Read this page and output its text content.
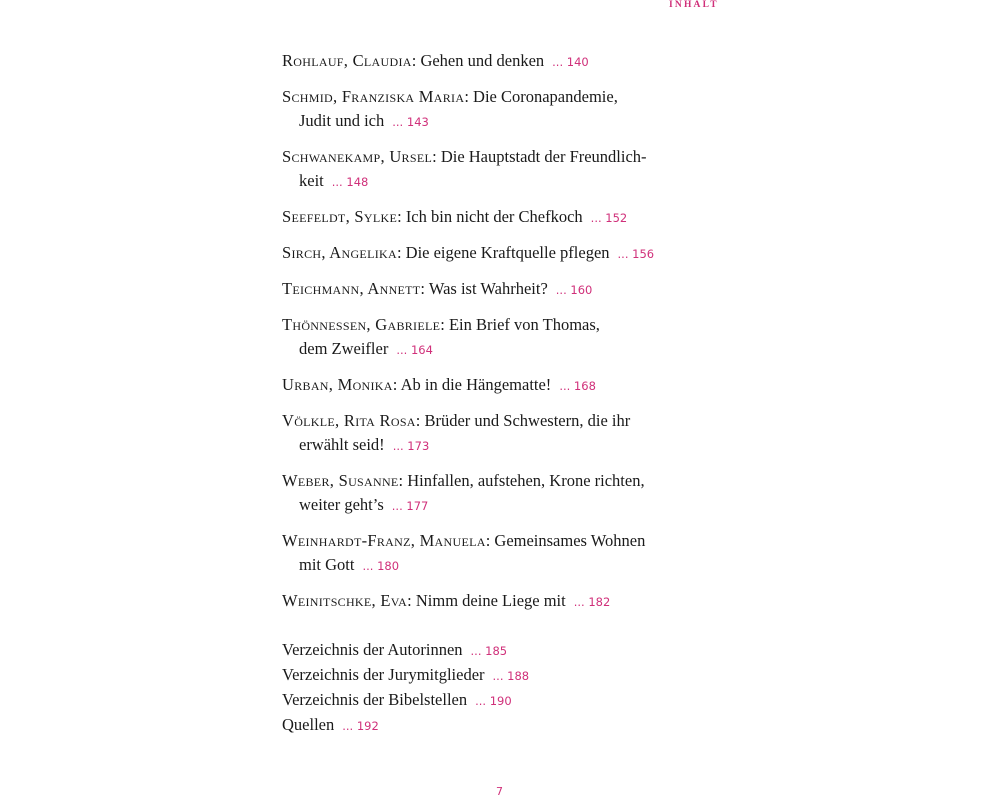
INHALT

Rohlauf, Claudia: Gehen und denken ... 140

Schmid, Franziska Maria: Die Coronapandemie,
Judit und ich ... 143

Schwanekamp, Ursel: Die Hauptstadt der Freundlich-
keit ... 148

Seefeldt, Sylke: Ich bin nicht der Chefkoch ... 152

Sirch, Angelika: Die eigene Kraftquelle pflegen ... 156

Teichmann, Annett: Was ist Wahrheit? ... 160

Thönnessen, Gabriele: Ein Brief von Thomas,
dem Zweifler ... 164

Urban, Monika: Ab in die Hängematte! ... 168

Völkle, Rita Rosa: Brüder und Schwestern, die ihr
erwählt seid! ... 173

Weber, Susanne: Hinfallen, aufstehen, Krone richten,
weiter geht’s ... 177

Weinhardt-Franz, Manuela: Gemeinsames Wohnen
mit Gott ... 180

Weinitschke, Eva: Nimm deine Liege mit ... 182

Verzeichnis der Autorinnen ... 185

Verzeichnis der Jurymitglieder ... 188

Verzeichnis der Bibelstellen ... 190

Quellen ... 192

7
